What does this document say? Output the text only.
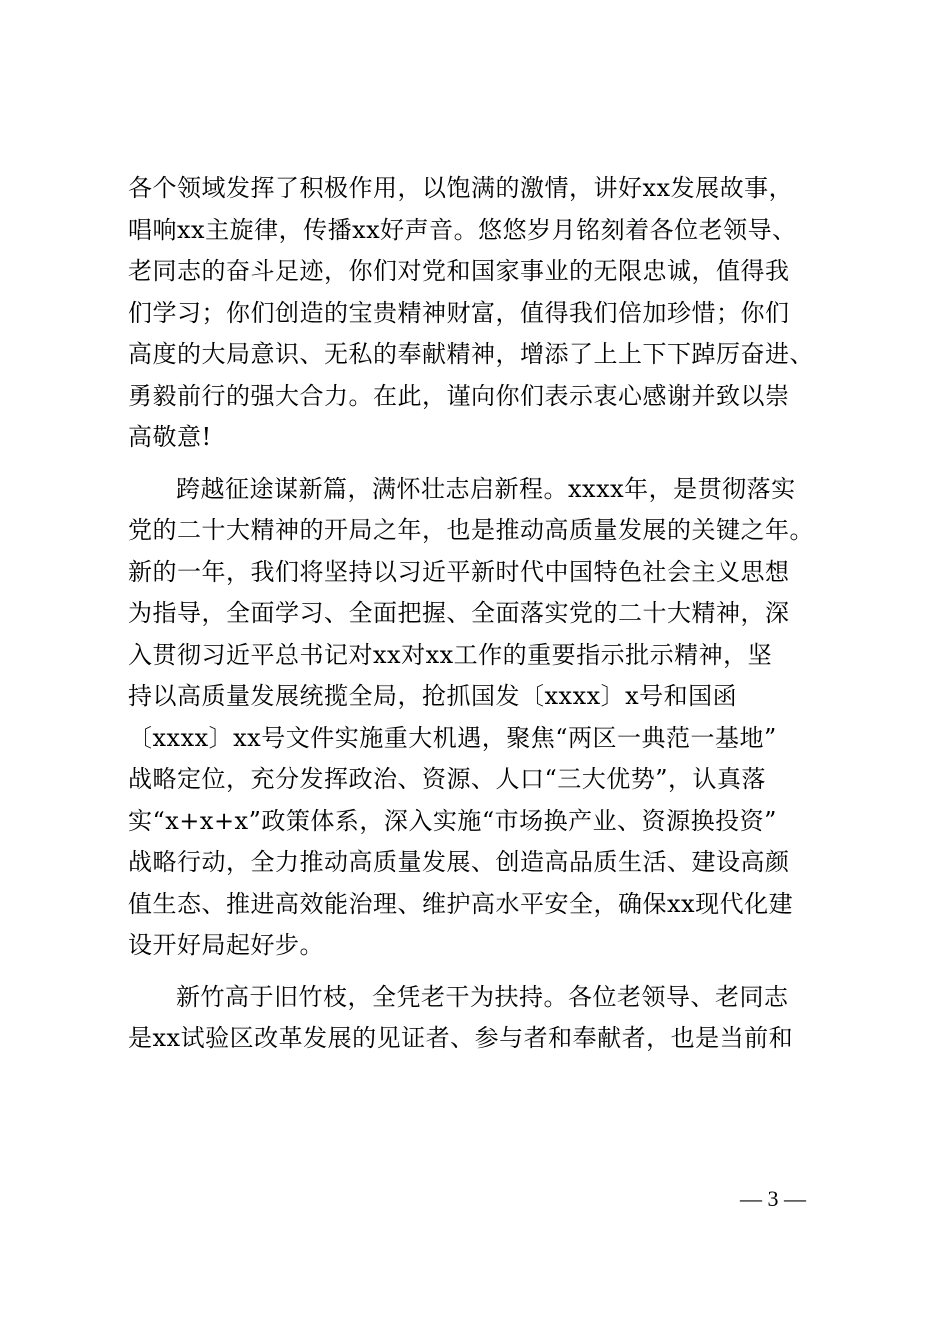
各个领域发挥了积极作用，以饱满的激情，讲好xx发展故事，
唱响xx主旋律，传播xx好声音。悠悠岁月铭刻着各位老领导、
老同志的奋斗足迹，你们对党和国家事业的无限忠诚，值得我
们学习；你们创造的宝贵精神财富，值得我们倍加珍惜；你们
高度的大局意识、无私的奉献精神，增添了上上下下踔厉奋进、
勇毅前行的强大合力。在此，谨向你们表示衷心感谢并致以崇
高敬意!
跨越征途谋新篇，满怀壮志启新程。xxxx年，是贯彻落实
党的二十大精神的开局之年，也是推动高质量发展的关键之年。
新的一年，我们将坚持以习近平新时代中国特色社会主义思想
为指导，全面学习、全面把握、全面落实党的二十大精神，深
入贯彻习近平总书记对xx对xx工作的重要指示批示精神，坚
持以高质量发展统揽全局，抢抓国发〔xxxx〕x号和国函
〔xxxx〕xx号文件实施重大机遇，聚焦“两区一典范一基地”
战略定位，充分发挥政治、资源、人口“三大优势”，认真落
实“x+x+x”政策体系，深入实施“市场换产业、资源换投资”
战略行动，全力推动高质量发展、创造高品质生活、建设高颜
值生态、推进高效能治理、维护高水平安全，确保xx现代化建
设开好局起好步。
新竹高于旧竹枝，全凭老干为扶持。各位老领导、老同志
是xx试验区改革发展的见证者、参与者和奉献者，也是当前和
— 3 —
